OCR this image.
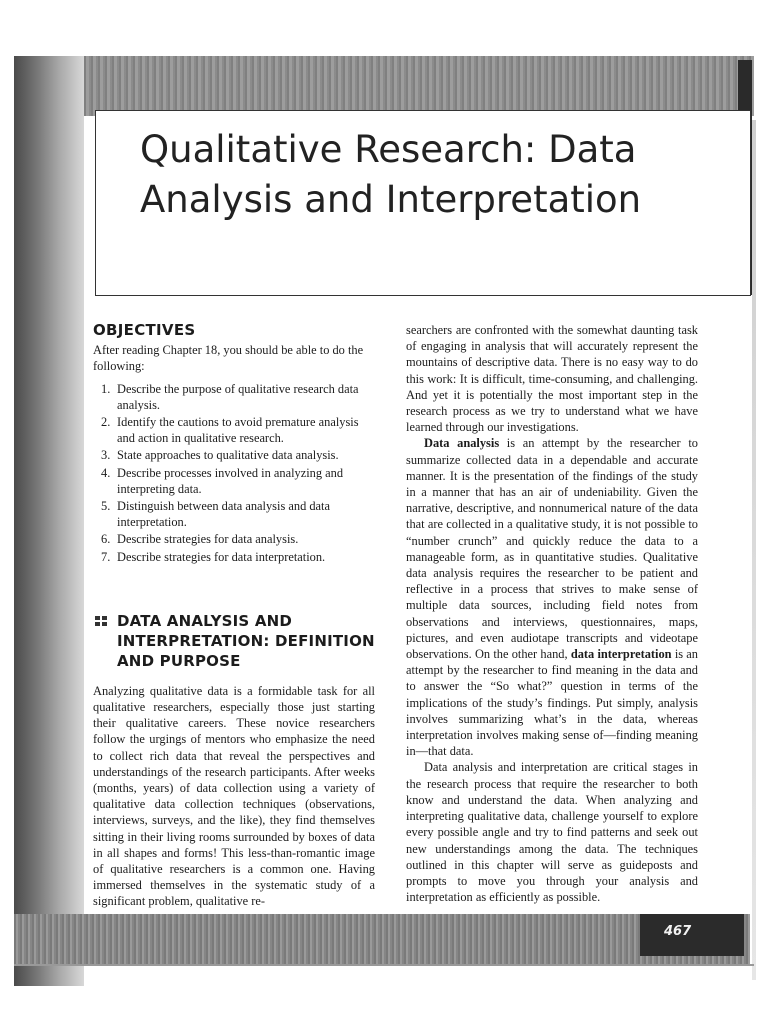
Qualitative Research: Data
Analysis and Interpretation
OBJECTIVES

After reading Chapter 18, you should be able to do the following:

1. Describe the purpose of qualitative research data analysis.
2. Identify the cautions to avoid premature analysis and action in qualitative research.
3. State approaches to qualitative data analysis.
4. Describe processes involved in analyzing and interpreting data.
5. Distinguish between data analysis and data interpretation.
6. Describe strategies for data analysis.
7. Describe strategies for data interpretation.
DATA ANALYSIS AND
INTERPRETATION: DEFINITION
AND PURPOSE

Analyzing qualitative data is a formidable task for all qualitative researchers, especially those just starting their qualitative careers. These novice researchers follow the urgings of mentors who emphasize the need to collect rich data that reveal the perspectives and understandings of the research participants. After weeks (months, years) of data collection using a variety of qualitative data collection techniques (observations, interviews, surveys, and the like), they find themselves sitting in their living rooms surrounded by boxes of data in all shapes and forms! This less-than-romantic image of qualitative researchers is a common one. Having immersed themselves in the systematic study of a significant problem, qualitative re-

searchers are confronted with the somewhat daunting task of engaging in analysis that will accurately represent the mountains of descriptive data. There is no easy way to do this work: It is difficult, time-consuming, and challenging. And yet it is potentially the most important step in the research process as we try to understand what we have learned through our investigations.

Data analysis is an attempt by the researcher to summarize collected data in a dependable and accurate manner. It is the presentation of the findings of the study in a manner that has an air of undeniability. Given the narrative, descriptive, and nonnumerical nature of the data that are collected in a qualitative study, it is not possible to “number crunch” and quickly reduce the data to a manageable form, as in quantitative studies. Qualitative data analysis requires the researcher to be patient and reflective in a process that strives to make sense of multiple data sources, including field notes from observations and interviews, questionnaires, maps, pictures, and even audiotape transcripts and videotape observations. On the other hand, data interpretation is an attempt by the researcher to find meaning in the data and to answer the “So what?” question in terms of the implications of the study’s findings. Put simply, analysis involves summarizing what’s in the data, whereas interpretation involves making sense of—finding meaning in—that data.

Data analysis and interpretation are critical stages in the research process that require the researcher to both know and understand the data. When analyzing and interpreting qualitative data, challenge yourself to explore every possible angle and try to find patterns and seek out new understandings among the data. The techniques outlined in this chapter will serve as guideposts and prompts to move you through your analysis and interpretation as efficiently as possible.

467
